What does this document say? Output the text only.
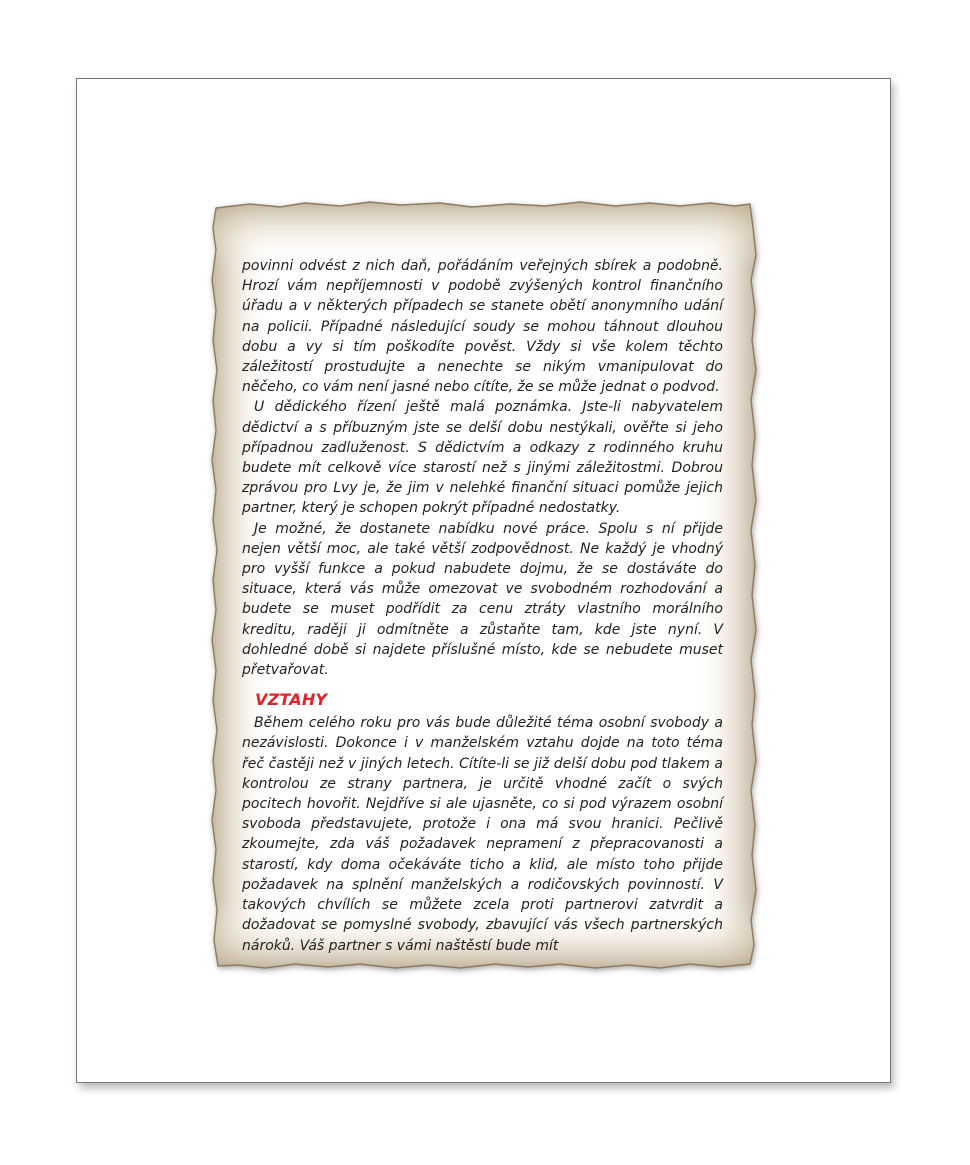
povinni odvést z nich daň, pořádáním veřejných sbírek a podobně. Hrozí vám nepříjemnosti v podobě zvýšených kontrol finančního úřadu a v některých případech se stanete obětí anonymního udání na policii. Případné následující soudy se mohou táhnout dlouhou dobu a vy si tím poškodíte pověst. Vždy si vše kolem těchto záležitostí prostudujte a nenechte se nikým vmanipulovat do něčeho, co vám není jasné nebo cítíte, že se může jednat o podvod.

U dědického řízení ještě malá poznámka. Jste-li nabyvatelem dědictví a s příbuzným jste se delší dobu nestýkali, ověřte si jeho případnou zadluženost. S dědictvím a odkazy z rodinného kruhu budete mít celkově více starostí než s jinými záležitostmi. Dobrou zprávou pro Lvy je, že jim v nelehké finanční situaci pomůže jejich partner, který je schopen pokrýt případné nedostatky.

Je možné, že dostanete nabídku nové práce. Spolu s ní přijde nejen větší moc, ale také větší zodpovědnost. Ne každý je vhodný pro vyšší funkce a pokud nabudete dojmu, že se dostáváte do situace, která vás může omezovat ve svobodném rozhodování a budete se muset podřídit za cenu ztráty vlastního morálního kreditu, raději ji odmítněte a zůstaňte tam, kde jste nyní. V dohledné době si najdete příslušné místo, kde se nebudete muset přetvařovat.

VZTAHY

Během celého roku pro vás bude důležité téma osobní svobody a nezávislosti. Dokonce i v manželském vztahu dojde na toto téma řeč častěji než v jiných letech. Cítíte-li se již delší dobu pod tlakem a kontrolou ze strany partnera, je určitě vhodné začít o svých pocitech hovořit. Nejdříve si ale ujasněte, co si pod výrazem osobní svoboda představujete, protože i ona má svou hranici. Pečlivě zkoumejte, zda váš požadavek nepramení z přepracovanosti a starostí, kdy doma očekáváte ticho a klid, ale místo toho přijde požadavek na splnění manželských a rodičovských povinností. V takových chvílích se můžete zcela proti partnerovi zatvrdit a dožadovat se pomyslné svobody, zbavující vás všech partnerských nároků. Váš partner s vámi naštěstí bude mít
